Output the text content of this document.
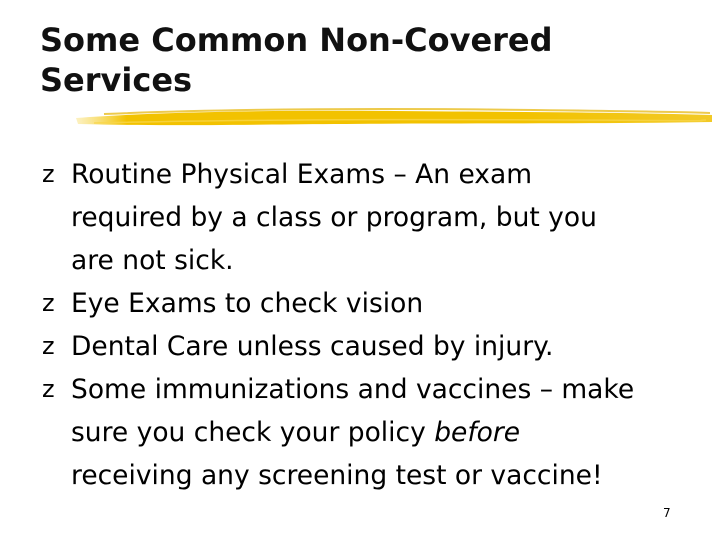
Some Common Non-Covered
Services
z Routine Physical Exams – An exam
required by a class or program, but you
are not sick.
z Eye Exams to check vision
z Dental Care unless caused by injury.
z Some immunizations and vaccines – make
sure you check your policy before
receiving any screening test or vaccine!
7
